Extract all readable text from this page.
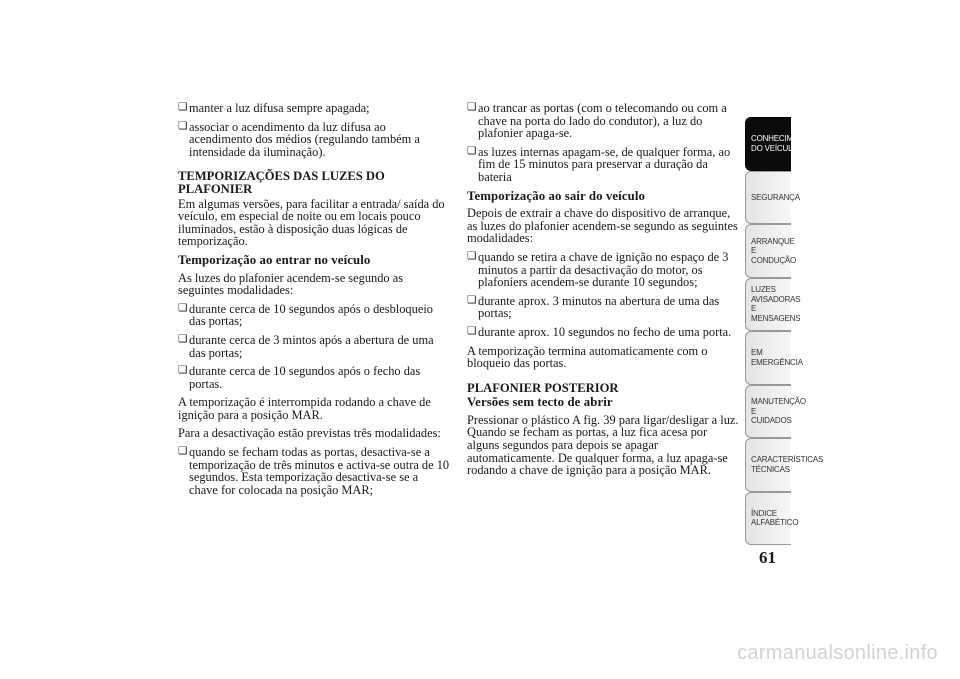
❑ manter a luz difusa sempre apagada;
❑ associar o acendimento da luz difusa ao acendimento dos médios (regulando também a intensidade da iluminação).
TEMPORIZAÇÕES DAS LUZES DO PLAFONIER
Em algumas versões, para facilitar a entrada/ saída do veículo, em especial de noite ou em locais pouco iluminados, estão à disposição duas lógicas de temporização.
Temporização ao entrar no veículo
As luzes do plafonier acendem-se segundo as seguintes modalidades:
❑ durante cerca de 10 segundos após o desbloqueio das portas;
❑ durante cerca de 3 mintos após a abertura de uma das portas;
❑ durante cerca de 10 segundos após o fecho das portas.
A temporização é interrompida rodando a chave de ignição para a posição MAR.
Para a desactivação estão previstas três modalidades:
❑ quando se fecham todas as portas, desactiva-se a temporização de três minutos e activa-se outra de 10 segundos. Esta temporização desactiva-se se a chave for colocada na posição MAR;
❑ ao trancar as portas (com o telecomando ou com a chave na porta do lado do condutor), a luz do plafonier apaga-se.
❑ as luzes internas apagam-se, de qualquer forma, ao fim de 15 minutos para preservar a duração da bateria
Temporização ao sair do veículo
Depois de extrair a chave do dispositivo de arranque, as luzes do plafonier acendem-se segundo as seguintes modalidades:
❑ quando se retira a chave de ignição no espaço de 3 minutos a partir da desactivação do motor, os plafoniers acendem-se durante 10 segundos;
❑ durante aprox. 3 minutos na abertura de uma das portas;
❑ durante aprox. 10 segundos no fecho de uma porta.
A temporização termina automaticamente com o bloqueio das portas.
PLAFONIER POSTERIOR
Versões sem tecto de abrir
Pressionar o plástico A fig. 39 para ligar/desligar a luz. Quando se fecham as portas, a luz fica acesa por alguns segundos para depois se apagar automaticamente. De qualquer forma, a luz apaga-se rodando a chave de ignição para a posição MAR.
CONHECIMENTO
DO VEÍCULO
SEGURANÇA
ARRANQUE E
CONDUÇÃO
LUZES
AVISADORAS E
MENSAGENS
EM EMERGÊNCIA
MANUTENÇÃO E
CUIDADOS
CARACTERÍSTICAS
TÉCNICAS
ÍNDICE
ALFABÉTICO
61
carmanualsonline.info
